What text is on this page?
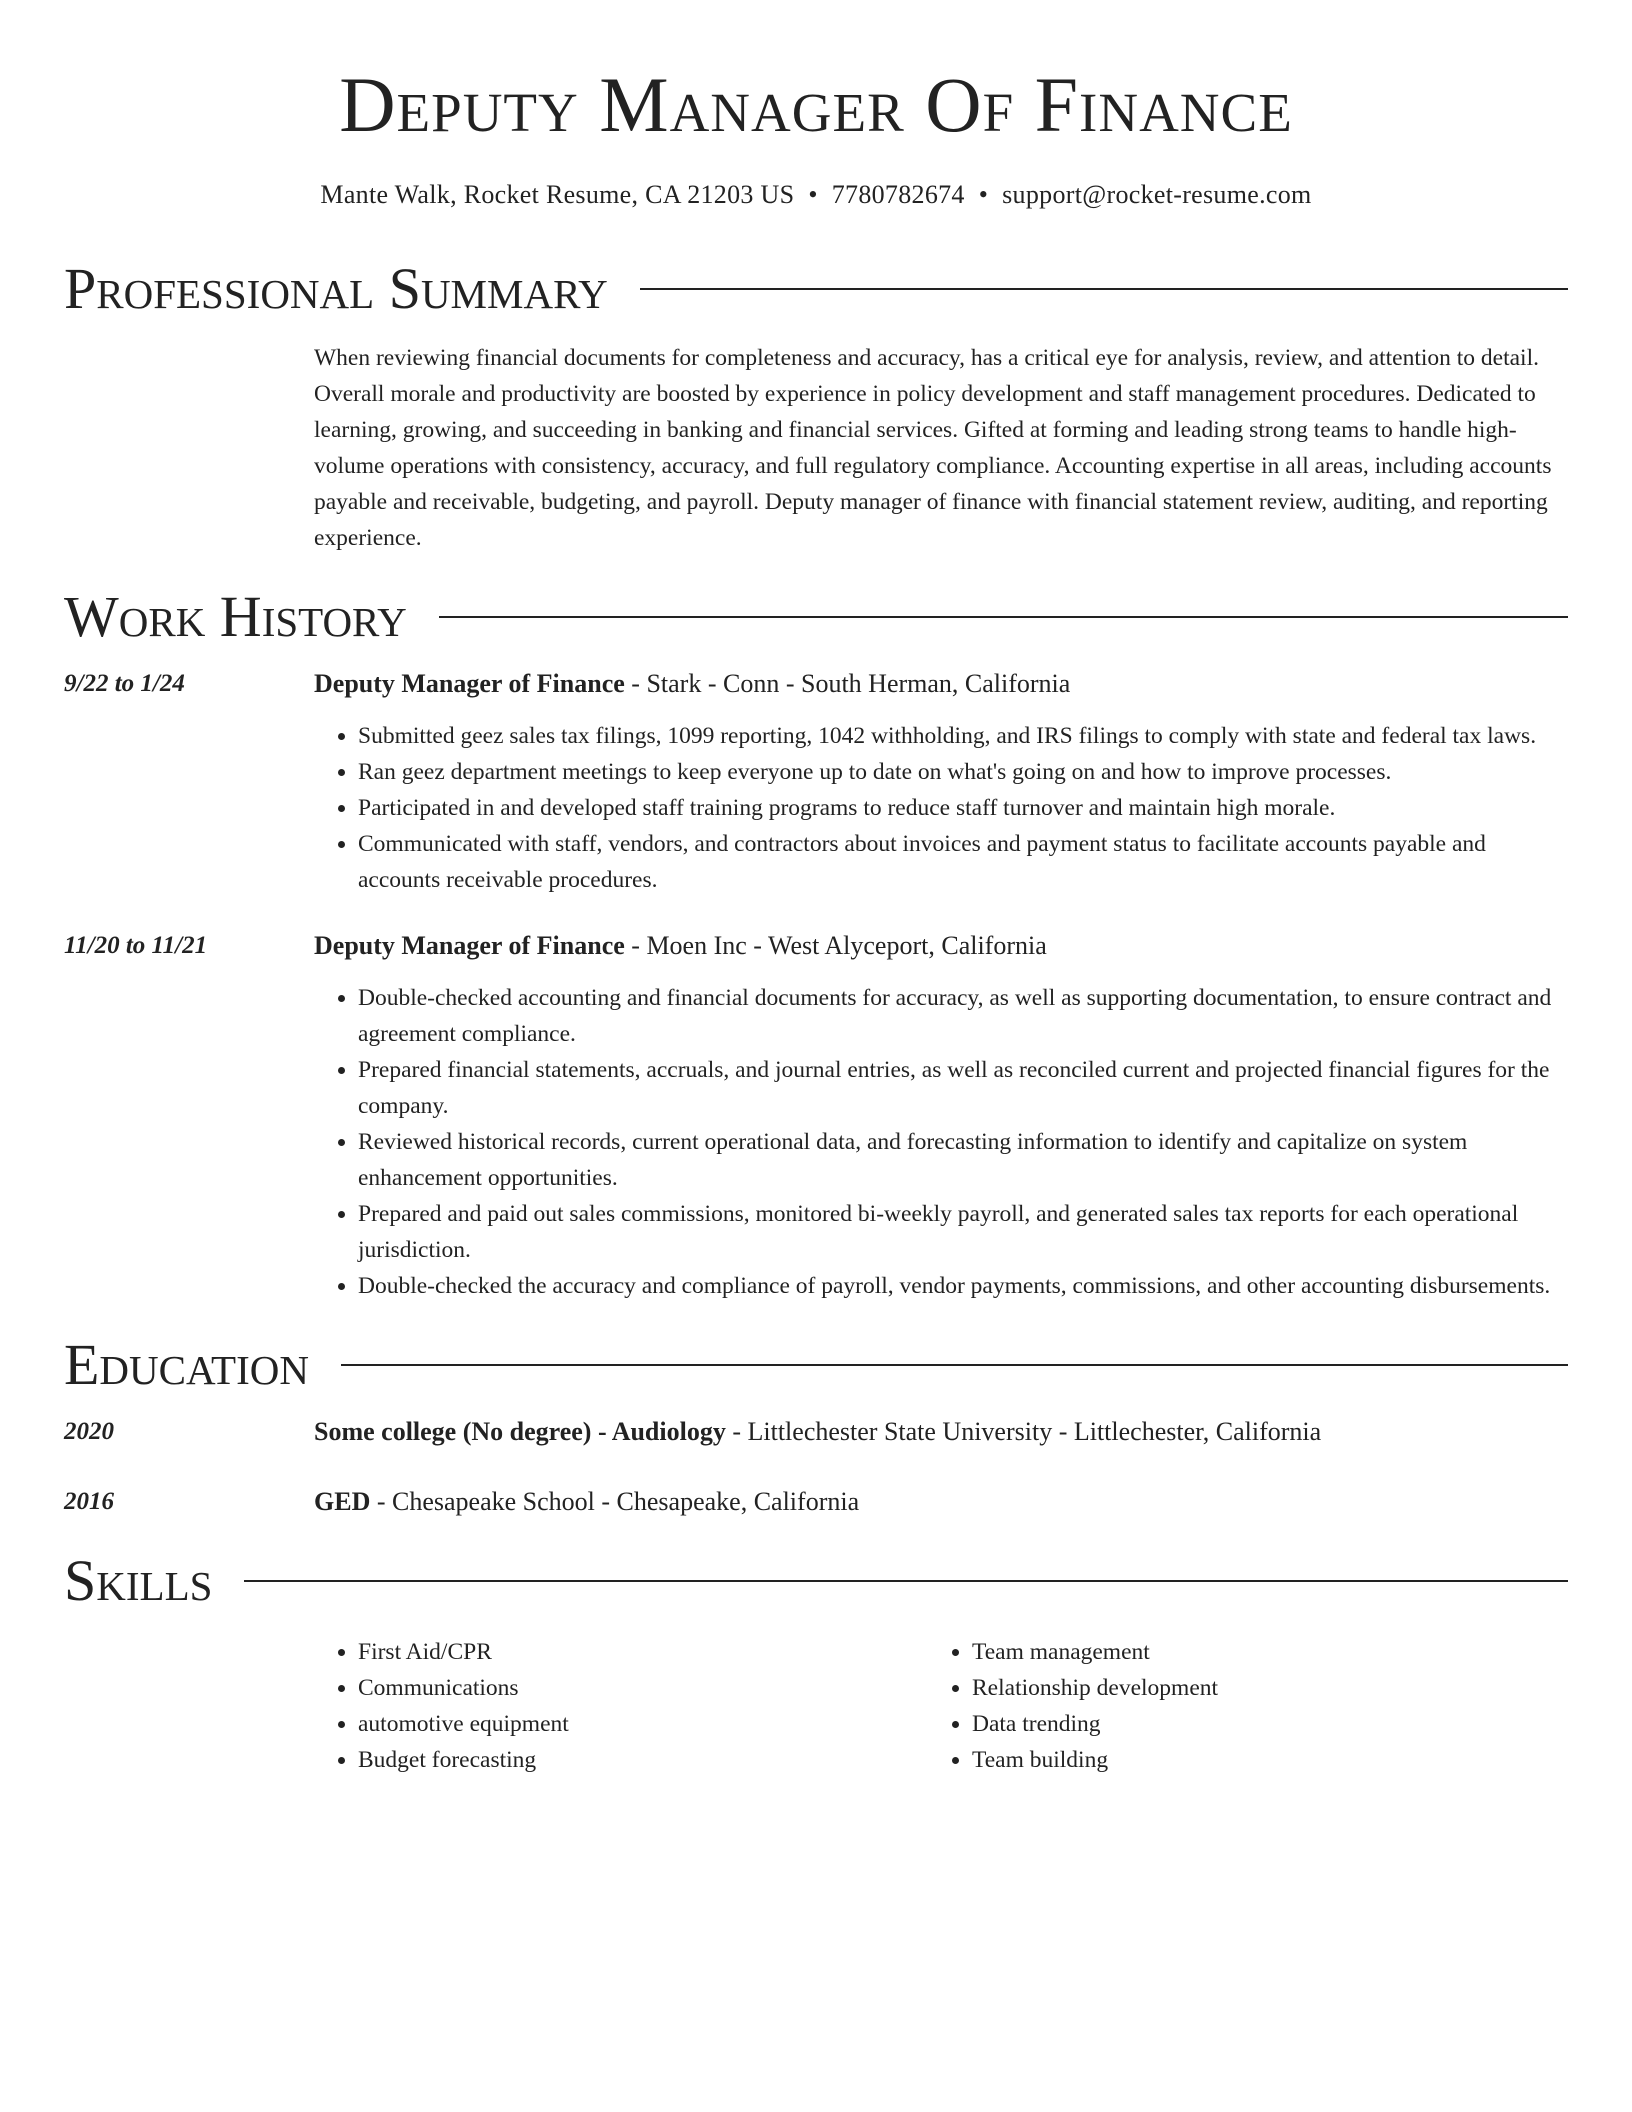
Deputy Manager Of Finance
Mante Walk, Rocket Resume, CA 21203 US • 7780782674 • support@rocket-resume.com
Professional Summary
When reviewing financial documents for completeness and accuracy, has a critical eye for analysis, review, and attention to detail. Overall morale and productivity are boosted by experience in policy development and staff management procedures. Dedicated to learning, growing, and succeeding in banking and financial services. Gifted at forming and leading strong teams to handle high-volume operations with consistency, accuracy, and full regulatory compliance. Accounting expertise in all areas, including accounts payable and receivable, budgeting, and payroll. Deputy manager of finance with financial statement review, auditing, and reporting experience.
Work History
9/22 to 1/24	Deputy Manager of Finance - Stark - Conn - South Herman, California
• Submitted geez sales tax filings, 1099 reporting, 1042 withholding, and IRS filings to comply with state and federal tax laws.
• Ran geez department meetings to keep everyone up to date on what's going on and how to improve processes.
• Participated in and developed staff training programs to reduce staff turnover and maintain high morale.
• Communicated with staff, vendors, and contractors about invoices and payment status to facilitate accounts payable and accounts receivable procedures.
11/20 to 11/21	Deputy Manager of Finance - Moen Inc - West Alyceport, California
• Double-checked accounting and financial documents for accuracy, as well as supporting documentation, to ensure contract and agreement compliance.
• Prepared financial statements, accruals, and journal entries, as well as reconciled current and projected financial figures for the company.
• Reviewed historical records, current operational data, and forecasting information to identify and capitalize on system enhancement opportunities.
• Prepared and paid out sales commissions, monitored bi-weekly payroll, and generated sales tax reports for each operational jurisdiction.
• Double-checked the accuracy and compliance of payroll, vendor payments, commissions, and other accounting disbursements.
Education
2020	Some college (No degree) - Audiology - Littlechester State University - Littlechester, California
2016	GED - Chesapeake School - Chesapeake, California
Skills
• First Aid/CPR
• Communications
• automotive equipment
• Budget forecasting
• Team management
• Relationship development
• Data trending
• Team building
